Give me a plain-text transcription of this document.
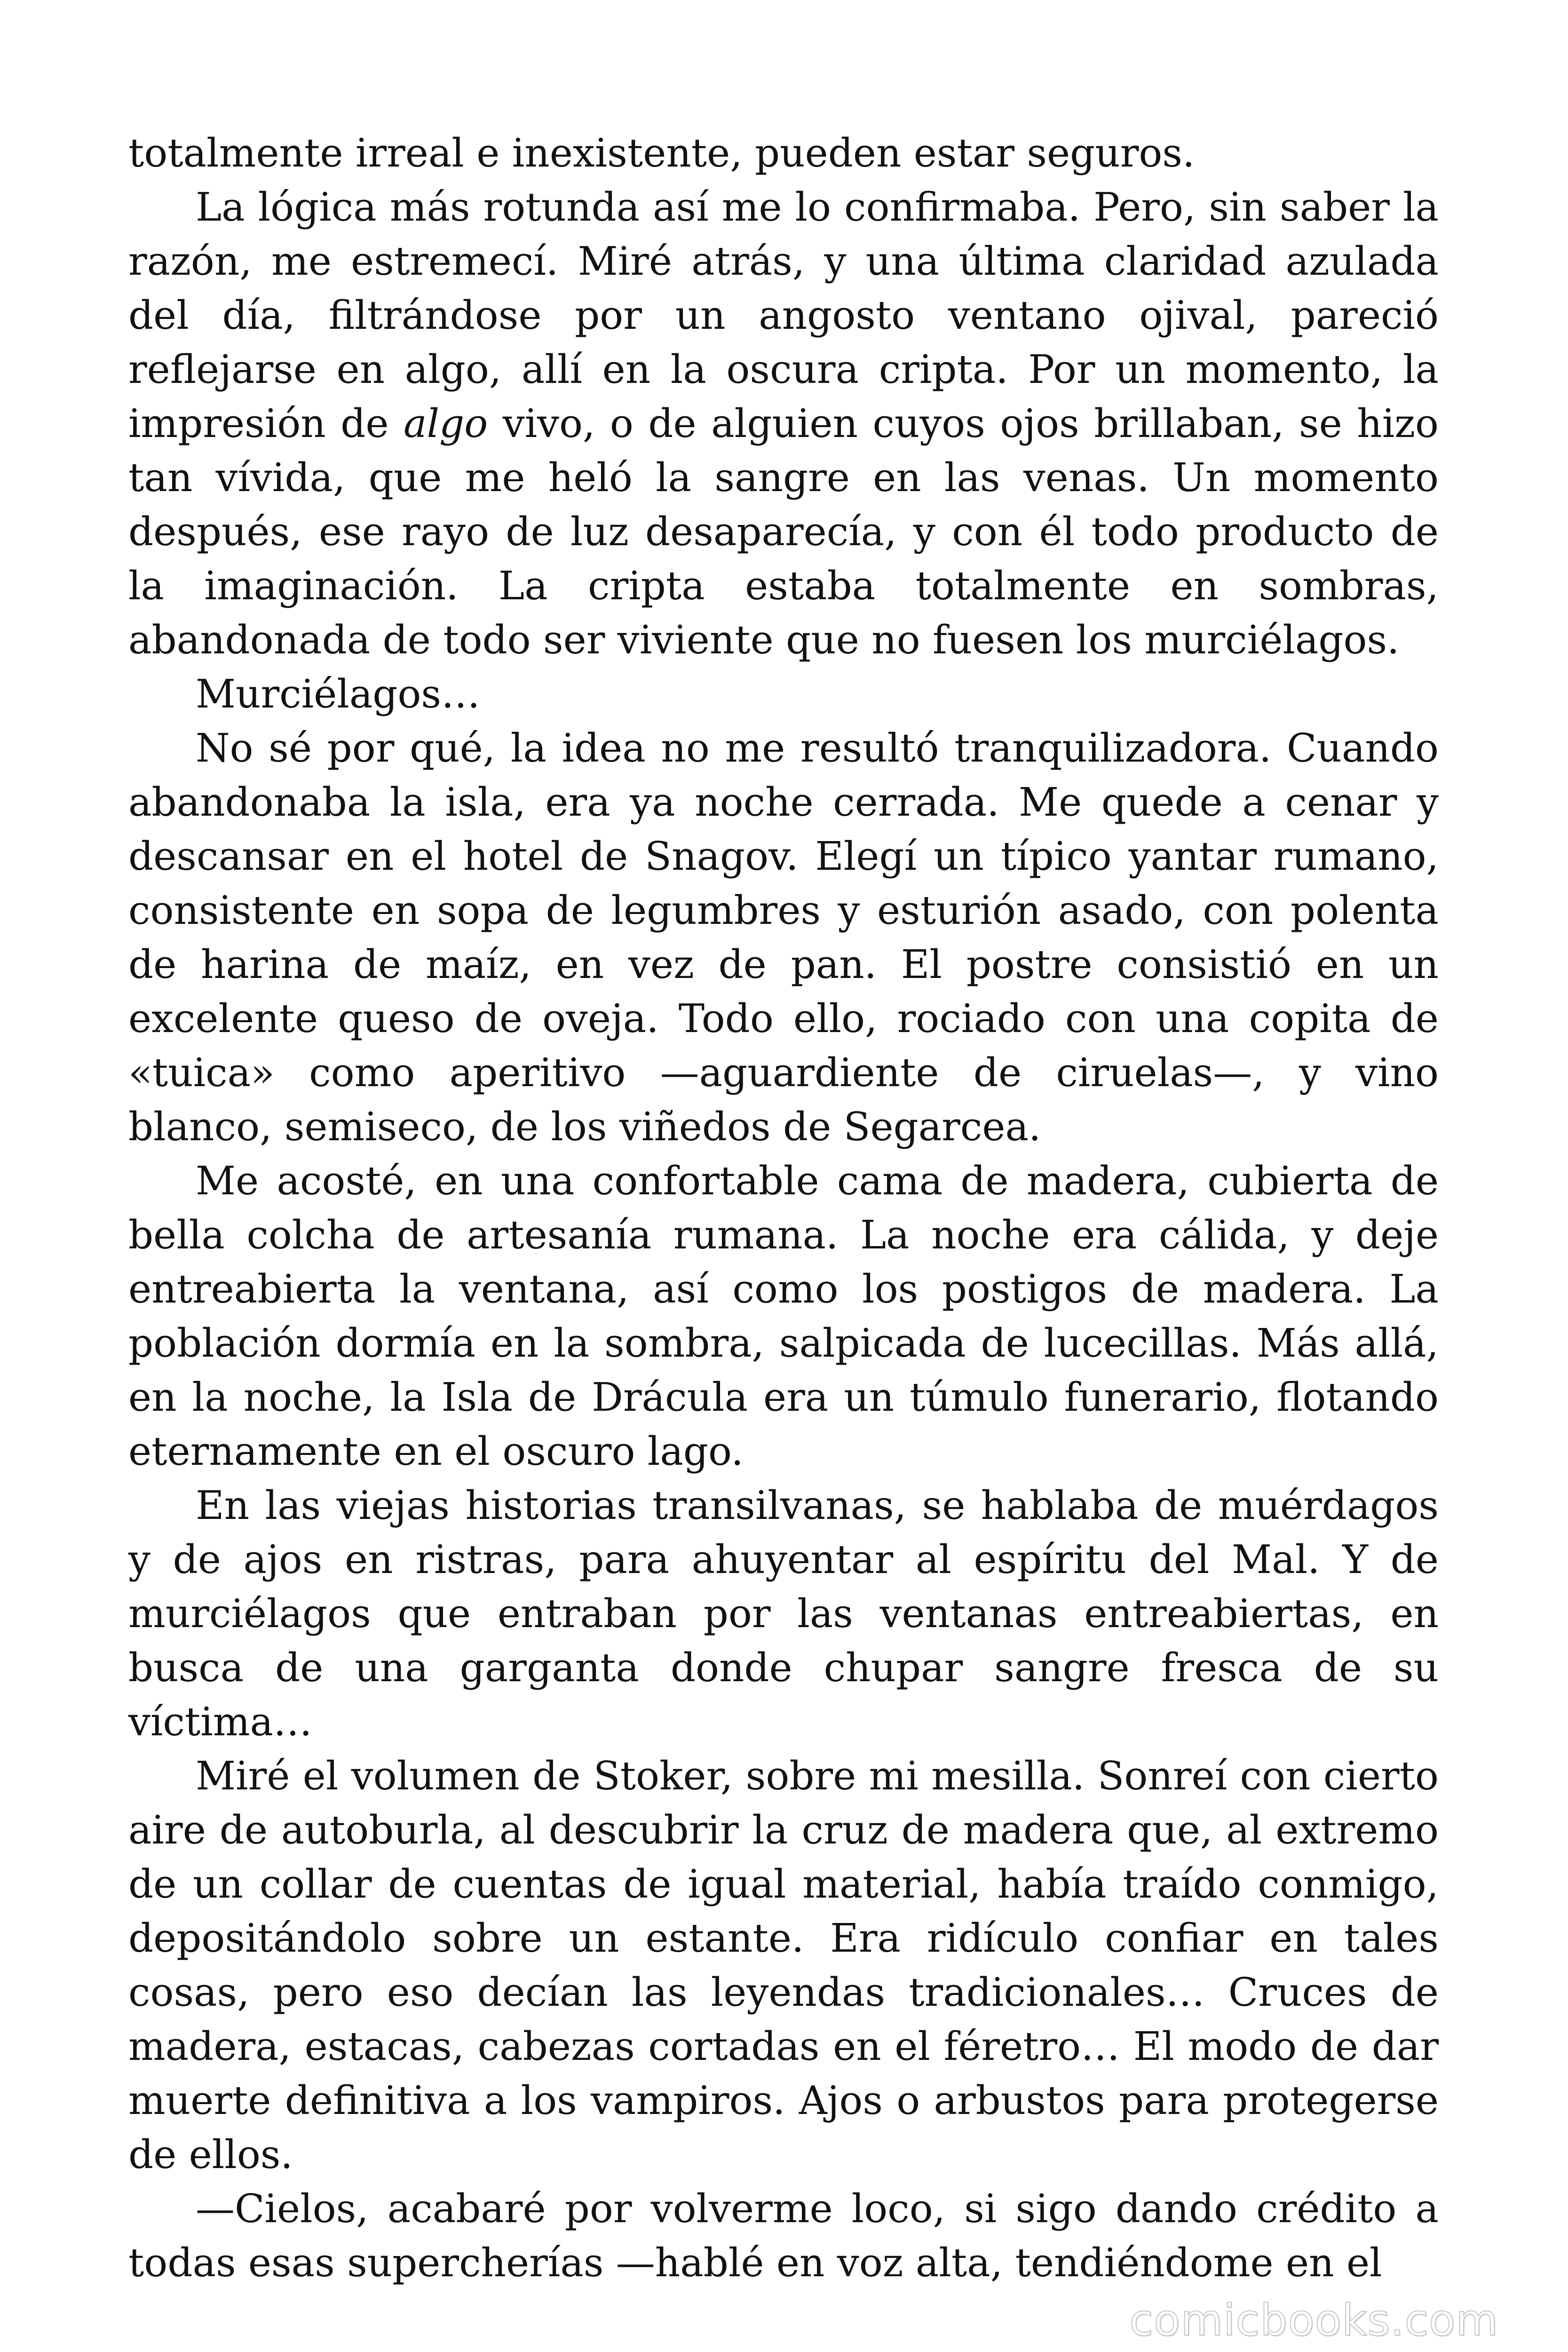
totalmente irreal e inexistente, pueden estar seguros.

La lógica más rotunda así me lo confirmaba. Pero, sin saber la razón, me estremecí. Miré atrás, y una última claridad azulada del día, filtrándose por un angosto ventano ojival, pareció reflejarse en algo, allí en la oscura cripta. Por un momento, la impresión de algo vivo, o de alguien cuyos ojos brillaban, se hizo tan vívida, que me heló la sangre en las venas. Un momento después, ese rayo de luz desaparecía, y con él todo producto de la imaginación. La cripta estaba totalmente en sombras, abandonada de todo ser viviente que no fuesen los murciélagos.

Murciélagos…

No sé por qué, la idea no me resultó tranquilizadora. Cuando abandonaba la isla, era ya noche cerrada. Me quede a cenar y descansar en el hotel de Snagov. Elegí un típico yantar rumano, consistente en sopa de legumbres y esturión asado, con polenta de harina de maíz, en vez de pan. El postre consistió en un excelente queso de oveja. Todo ello, rociado con una copita de «tuica» como aperitivo —aguardiente de ciruelas—, y vino blanco, semiseco, de los viñedos de Segarcea.

Me acosté, en una confortable cama de madera, cubierta de bella colcha de artesanía rumana. La noche era cálida, y deje entreabierta la ventana, así como los postigos de madera. La población dormía en la sombra, salpicada de lucecillas. Más allá, en la noche, la Isla de Drácula era un túmulo funerario, flotando eternamente en el oscuro lago.

En las viejas historias transilvanas, se hablaba de muérdagos y de ajos en ristras, para ahuyentar al espíritu del Mal. Y de murciélagos que entraban por las ventanas entreabiertas, en busca de una garganta donde chupar sangre fresca de su víctima…

Miré el volumen de Stoker, sobre mi mesilla. Sonreí con cierto aire de autoburla, al descubrir la cruz de madera que, al extremo de un collar de cuentas de igual material, había traído conmigo, depositándolo sobre un estante. Era ridículo confiar en tales cosas, pero eso decían las leyendas tradicionales… Cruces de madera, estacas, cabezas cortadas en el féretro… El modo de dar muerte definitiva a los vampiros. Ajos o arbustos para protegerse de ellos.

—Cielos, acabaré por volverme loco, si sigo dando crédito a todas esas supercherías —hablé en voz alta, tendiéndome en el

comicbooks.com
